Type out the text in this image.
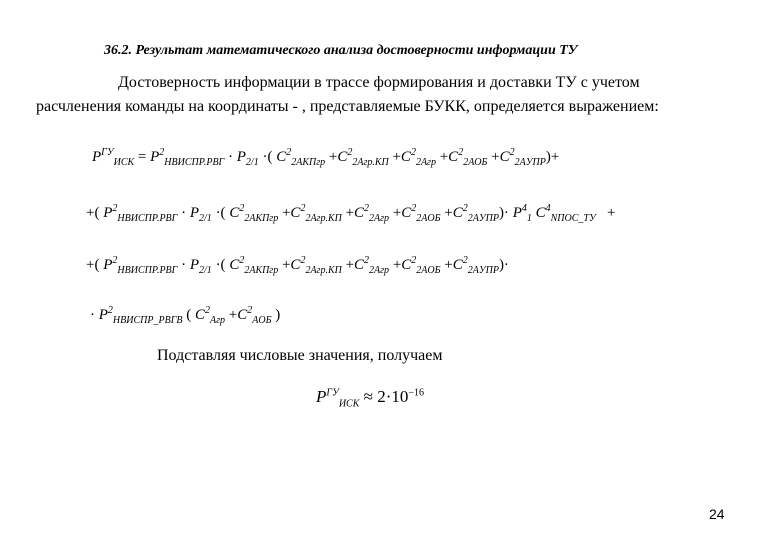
36.2. Результат математического анализа достоверности информации ТУ
Достоверность информации в трассе формирования и доставки ТУ с учетом расчленения команды на координаты - , представляемые БУКК, определяется выражением:
$P^{ГУ}_{ИСК} = P^2_{НВИСПР.РВГ} \cdot P_{2/1}$ ·( $C^2_{2АКПгр} +C^2_{2Агр.КП} +C^2_{2Агр} +C^2_{2АОБ} +C^2_{2АУПР})+$
+( $P^2_{НВИСПР.РВГ} \cdot P_{2/1}$ ·( $C^2_{2АКПгр} +C^2_{2Агр.КП} +C^2_{2Агр} +C^2_{2АОБ} +C^2_{2АУПР})\cdot P^4_1$ $C^4_{NПОС\_ТУ}$ +
+( $P^2_{НВИСПР.РВГ} \cdot P_{2/1}$ ·( $C^2_{2АКПгр} +C^2_{2Агр.КП} +C^2_{2Агр} +C^2_{2АОБ} +C^2_{2АУПР})\cdot$
· $P^2_{НВИСПР\_РВГВ}$ ( $C^2_{Агр} +C^2_{АОБ}$ )
Подставляя числовые значения, получаем
$P^{ГУ}_{ИСК} \approx 2\cdot 10^{-16}$
24
